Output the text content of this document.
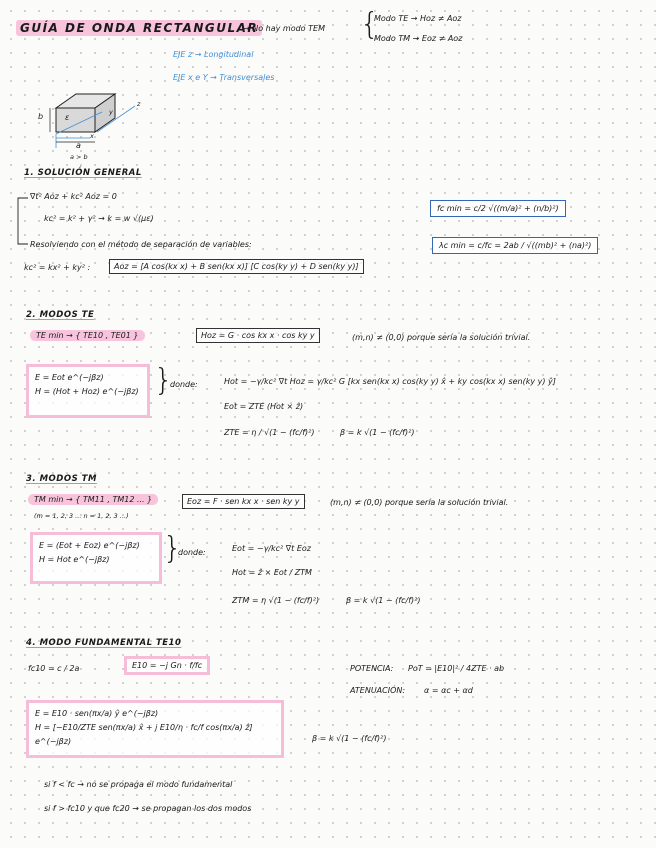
GUÍA DE ONDA RECTANGULAR
→ No hay modo TEM {
Modo TE → Hoz ≠ Aoz
Modo TM → Eoz ≠ Aoz
EJE z → Longitudinal
EJE x e Y → Transversales
b	ε
x
y
z
a
a > b
1. SOLUCIÓN GENERAL
∇t² Aoz + kc² Aoz = 0
kc² = k² + γ² → k = w √(με)
Resolviendo con el método de separación de variables:
kc² = kx² + ky² :	Aoz = [A cos(kx x) + B sen(kx x)] [C cos(ky y) + D sen(ky y)]
fc min = c/2 √((m/a)² + (n/b)²)
λc min = c/fc = 2ab / √((mb)² + (na)²)
2. MODOS TE
TE min → { TE10 , TE01 }	Hoz = G · cos kx x · cos ky y	(m,n) ≠ (0,0) porque sería la solución trivial.
E = Eot e^(−jβz)
H = (Hot + Hoz) e^(−jβz) }
donde:	Hot = −γ/kc² ∇t Hoz = γ/kc² G [kx sen(kx x) cos(ky y) x̂ + ky cos(kx x) sen(ky y) ŷ]
Eot = ZTE (Hot × ẑ)
ZTE = η / √(1 − (fc/f)²)	β = k √(1 − (fc/f)²)
3. MODOS TM
TM min → { TM11 , TM12 ... }
(m = 1, 2, 3 ... n = 1, 2, 3 ...)
Eoz = F · sen kx x · sen ky y	(m,n) ≠ (0,0) porque sería la solución trivial.
E = (Eot + Eoz) e^(−jβz)
H = Hot e^(−jβz)	}
donde:	Eot = −γ/kc² ∇t Eoz
Hot = ẑ × Eot / ZTM
ZTM = η √(1 − (fc/f)²)	β = k √(1 − (fc/f)²)
4. MODO FUNDAMENTAL TE10
fc10 = c / 2a	E10 = −j Gn · f/fc	POTENCIA: PoT = |E10|² / 4ZTE · ab
ATENUACIÓN: α = αc + αd
E = E10 · sen(πx/a) ŷ e^(−jβz)
H = [−E10/ZTE sen(πx/a) x̂ + j E10/η · fc/f cos(πx/a) ẑ] e^(−jβz)	β = k √(1 − (fc/f)²)
si f < fc → no se propaga el modo fundamental
si f > fc10 y que fc20 → se propagan los dos modos
